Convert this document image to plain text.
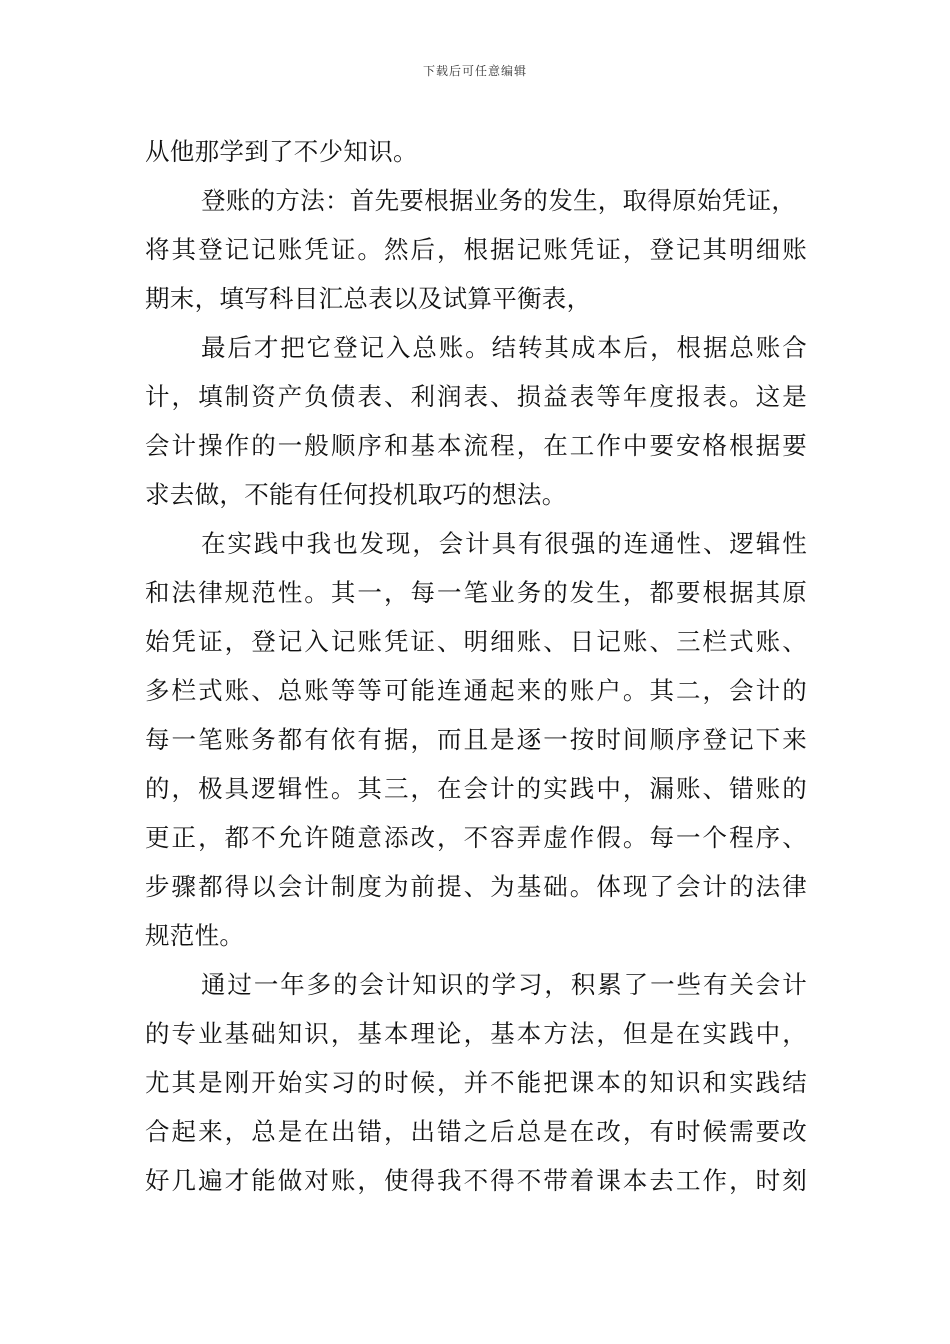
下载后可任意编辑
从他那学到了不少知识。
登账的方法：首先要根据业务的发生，取得原始凭证，
将其登记记账凭证。然后，根据记账凭证，登记其明细账
期末，填写科目汇总表以及试算平衡表，
最后才把它登记入总账。结转其成本后，根据总账合
计，填制资产负债表、利润表、损益表等年度报表。这是
会计操作的一般顺序和基本流程，在工作中要安格根据要
求去做，不能有任何投机取巧的想法。
在实践中我也发现，会计具有很强的连通性、逻辑性
和法律规范性。其一，每一笔业务的发生，都要根据其原
始凭证，登记入记账凭证、明细账、日记账、三栏式账、
多栏式账、总账等等可能连通起来的账户。其二，会计的
每一笔账务都有依有据，而且是逐一按时间顺序登记下来
的，极具逻辑性。其三，在会计的实践中，漏账、错账的
更正，都不允许随意添改，不容弄虚作假。每一个程序、
步骤都得以会计制度为前提、为基础。体现了会计的法律
规范性。
通过一年多的会计知识的学习，积累了一些有关会计
的专业基础知识，基本理论，基本方法，但是在实践中，
尤其是刚开始实习的时候，并不能把课本的知识和实践结
合起来，总是在出错，出错之后总是在改，有时候需要改
好几遍才能做对账，使得我不得不带着课本去工作，时刻
